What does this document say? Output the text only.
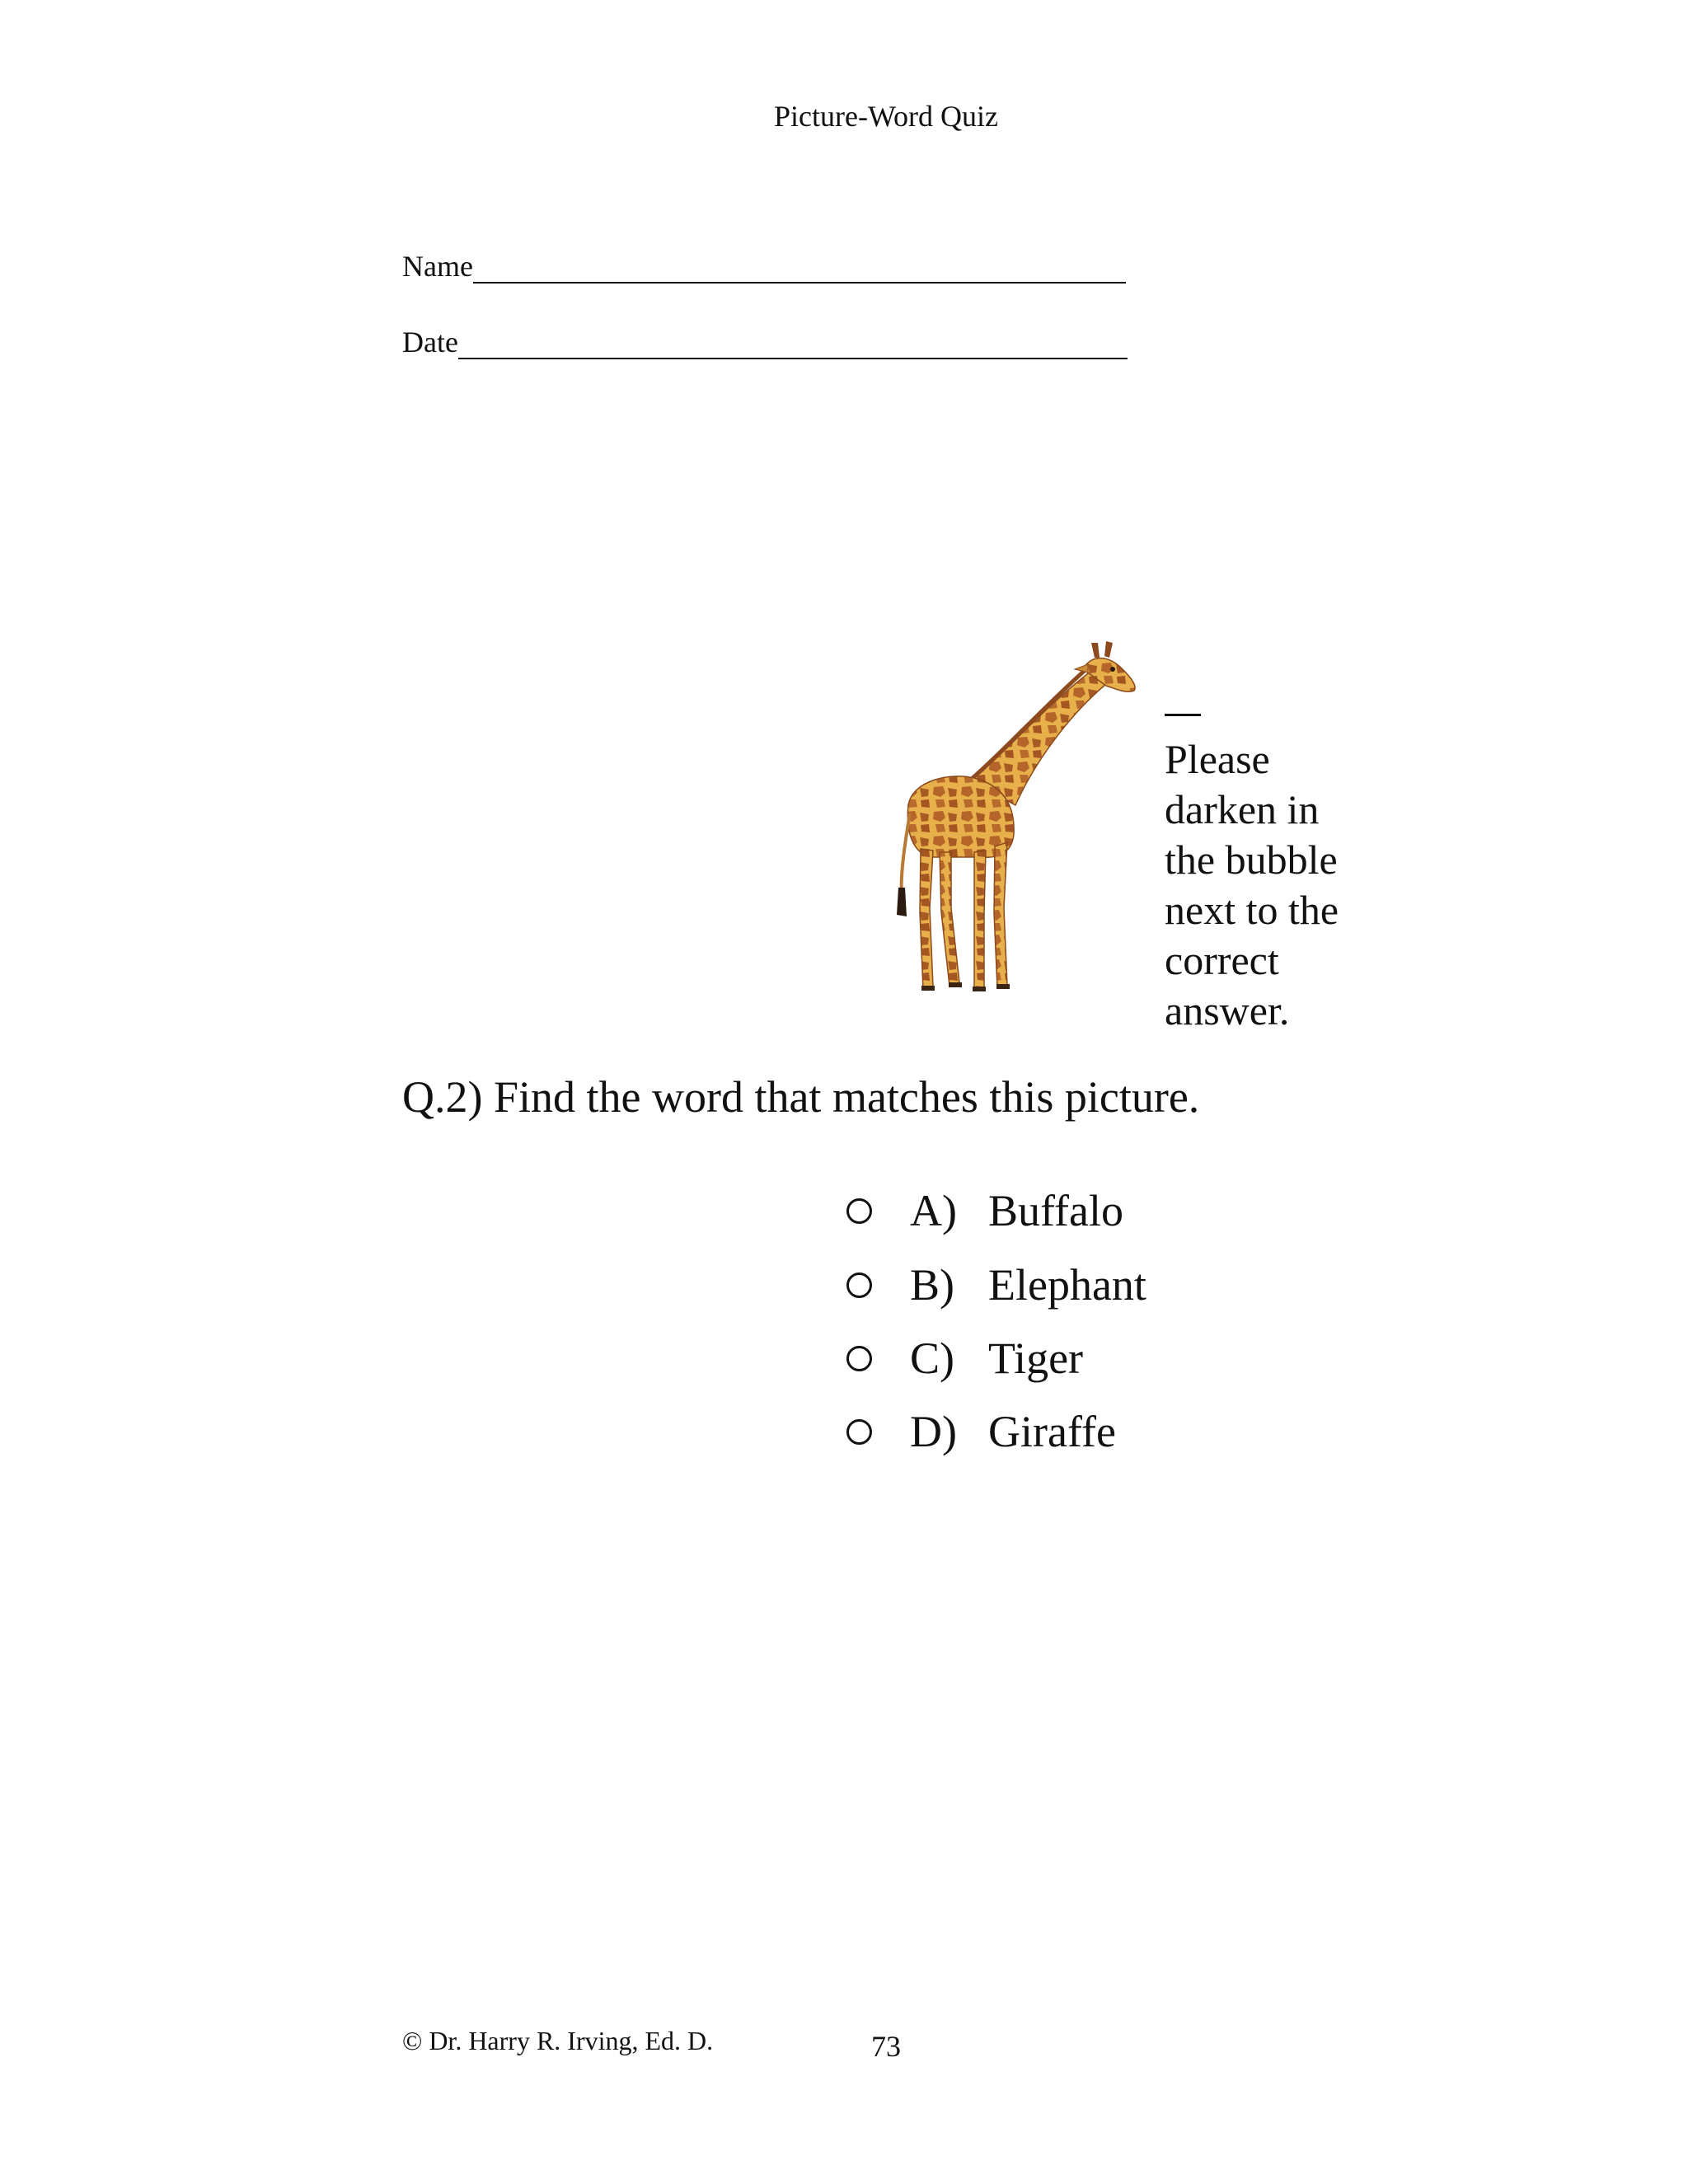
Picture-Word Quiz
Name
Date
Please
darken in
the bubble
next to the
correct
answer.
Q.2) Find the word that matches this picture.
A) Buffalo
B) Elephant
C) Tiger
D) Giraffe
© Dr. Harry R. Irving, Ed. D.	73
